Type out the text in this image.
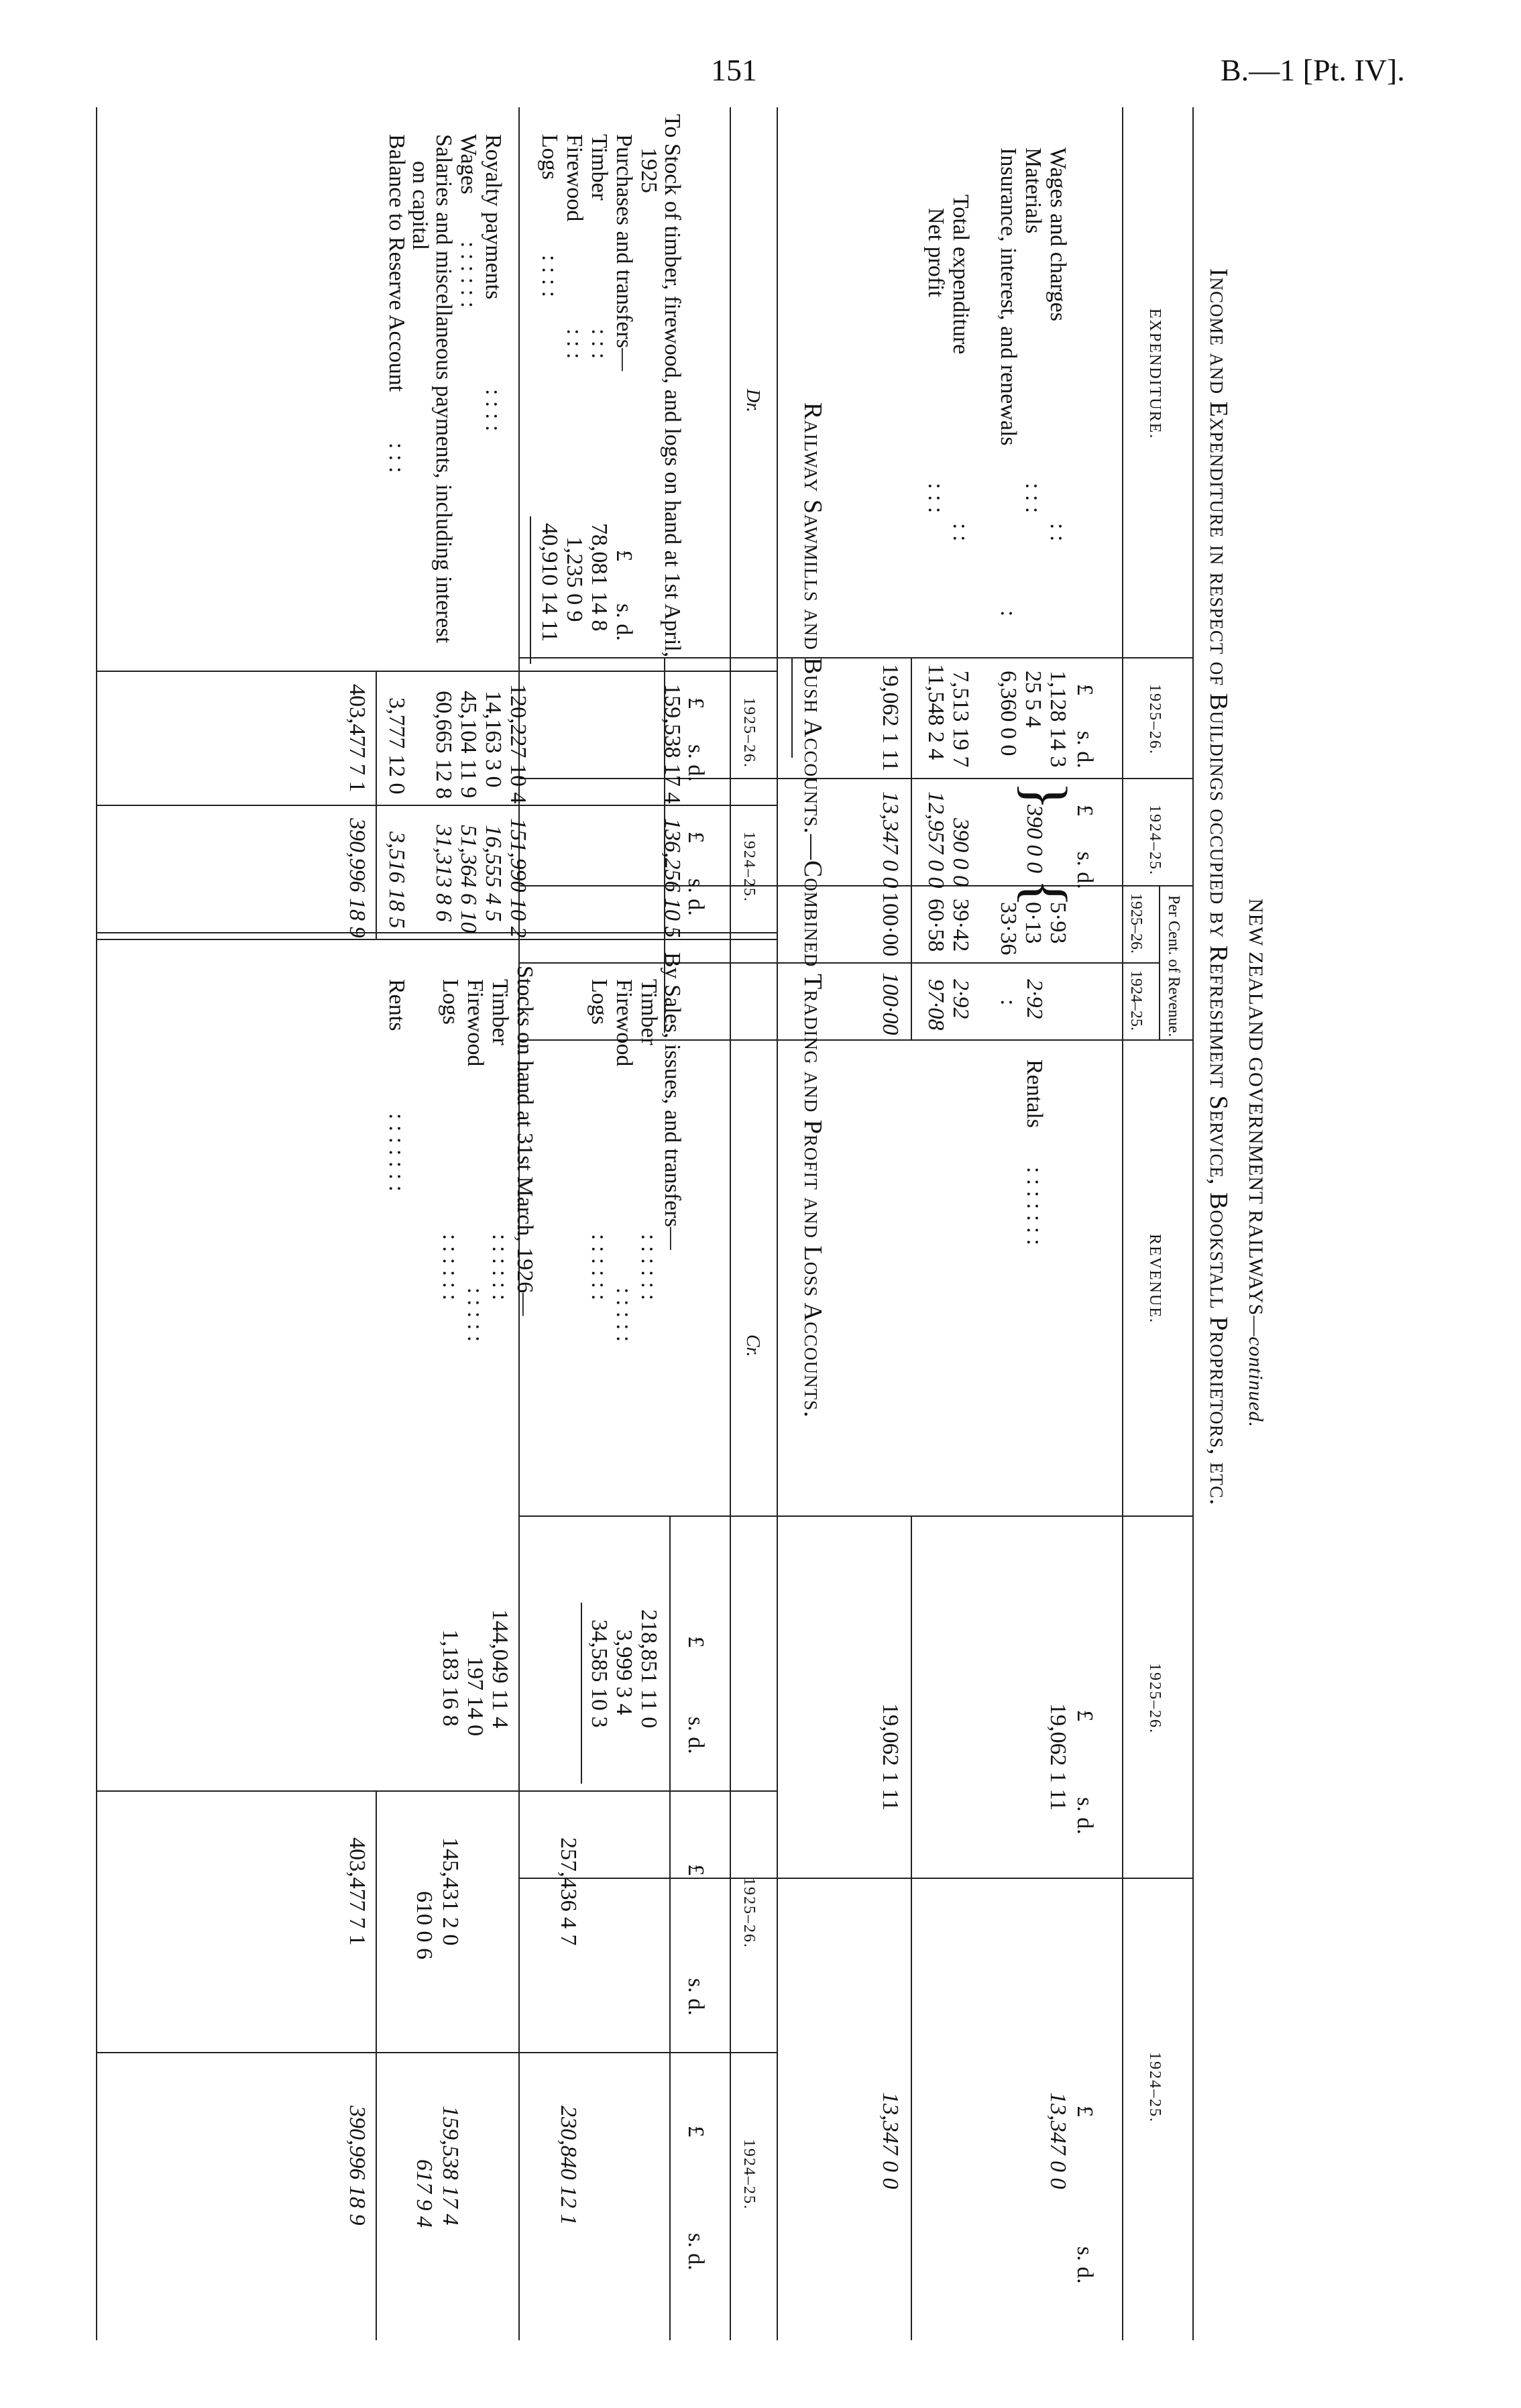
151	B.—1 [Pt. IV].
NEW ZEALAND GOVERNMENT RAILWAYS—continued.
Income and Expenditure in respect of Buildings occupied by Refreshment Service, Bookstall Proprietors, etc.
EXPENDITURE.
1925–26.
1924–25.
Per Cent. of Revenue.
1925–26.
1924–25.
REVENUE.
1925–26.
1924–25.
£
s. d.
£
s. d.
£
s. d.
£
s. d.
Wages and charges
: :
1,128 14 3
5·93
Materials
: : :
25 5 4
0·13
Insurance, interest, and renewals
:
6,360 0 0
33·36
}
{
390 0 0
2·92
:
Total expenditure
: :
7,513 19 7
390 0 0
39·42
2·92
Net profit
: : :
11,548 2 4
12,957 0 0
60·58
97·08
19,062 1 11
13,347 0 0
100·00
100·00
Rentals
: : : : : : :
19,062 1 11
13,347 0 0
19,062 1 11
13,347 0 0
Railway Sawmills and Bush Accounts.—Combined Trading and Profit and Loss Accounts.
Dr.
1925–26.
1924–25.
Cr.
1925–26.
1924–25.
£
s. d.
£
s. d.
£
s. d.
£
s. d.
£
s. d.
To Stock of timber, firewood, and logs on hand at 1st April,
1925
159,538 17 4
136,256 10 5
Purchases and transfers—
£
s. d.
Timber
: : :
78,081 14 8
Firewood
: : :
1,235 0 9
Logs
: : : :
40,910 14 11
120,227 10 4
151,990 10 2
Royalty payments
: : : :
14,163 3 0
16,555 4 5
Wages
: : : : : :
45,104 11 9
51,364 6 10
Salaries and miscellaneous payments, including interest
on capital
60,665 12 8
31,313 8 6
Balance to Reserve Account
: : :
3,777 12 0
3,516 18 5
403,477 7 1
390,996 18 9
By Sales, issues, and transfers—
Timber
: : : : : :
218,851 11 0
Firewood
: : : : :
3,999 3 4
Logs
: : : : : :
34,585 10 3
257,436 4 7
230,840 12 1
Stocks on hand at 31st March, 1926—
Timber
: : : : : :
144,049 11 4
Firewood
: : : : :
197 14 0
Logs
: : : : : :
1,183 16 8
145,431 2 0
159,538 17 4
Rents
: : : : : : :
610 0 6
617 9 4
403,477 7 1
390,996 18 9
